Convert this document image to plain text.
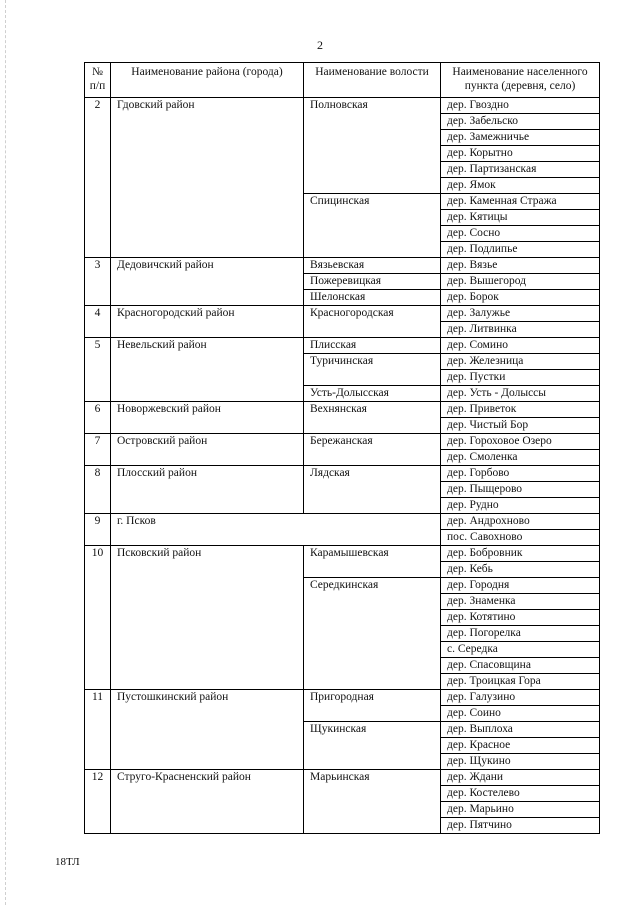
2
№ п/п	Наименование района (города)	Наименование волости	Наименование населенного пункта (деревня, село)
2	Гдовский район	Полновская	дер. Гвоздно
			дер. Забельско
			дер. Замежничье
			дер. Корытно
			дер. Партизанская
			дер. Ямок
		Спицинская	дер. Каменная Стража
			дер. Кятицы
			дер. Сосно
			дер. Подлипье
3	Дедовичский район	Вязьевская	дер. Вязье
		Пожеревицкая	дер. Вышегород
		Шелонская	дер. Борок
4	Красногородский район	Красногородская	дер. Залужье
			дер. Литвинка
5	Невельский район	Плисская	дер. Сомино
		Туричинская	дер. Железница
			дер. Пустки
		Усть-Долысская	дер. Усть - Долыссы
6	Новоржевский район	Вехнянская	дер. Приветок
			дер. Чистый Бор
7	Островский район	Бережанская	дер. Гороховое Озеро
			дер. Смоленка
8	Плосский район	Лядская	дер. Горбово
			дер. Пыщерово
			дер. Рудно
9	г. Псков		дер. Андрохново
			пос. Савохново
10	Псковский район	Карамышевская	дер. Бобровник
			дер. Кебь
		Середкинская	дер. Городня
			дер. Знаменка
			дер. Котятино
			дер. Погорелка
			с. Середка
			дер. Спасовщина
			дер. Троицкая Гора
11	Пустошкинский район	Пригородная	дер. Галузино
			дер. Соино
		Щукинская	дер. Выплоха
			дер. Красное
			дер. Щукино
12	Струго-Красненский район	Марьинская	дер. Ждани
			дер. Костелево
			дер. Марьино
			дер. Пятчино
18ТЛ
